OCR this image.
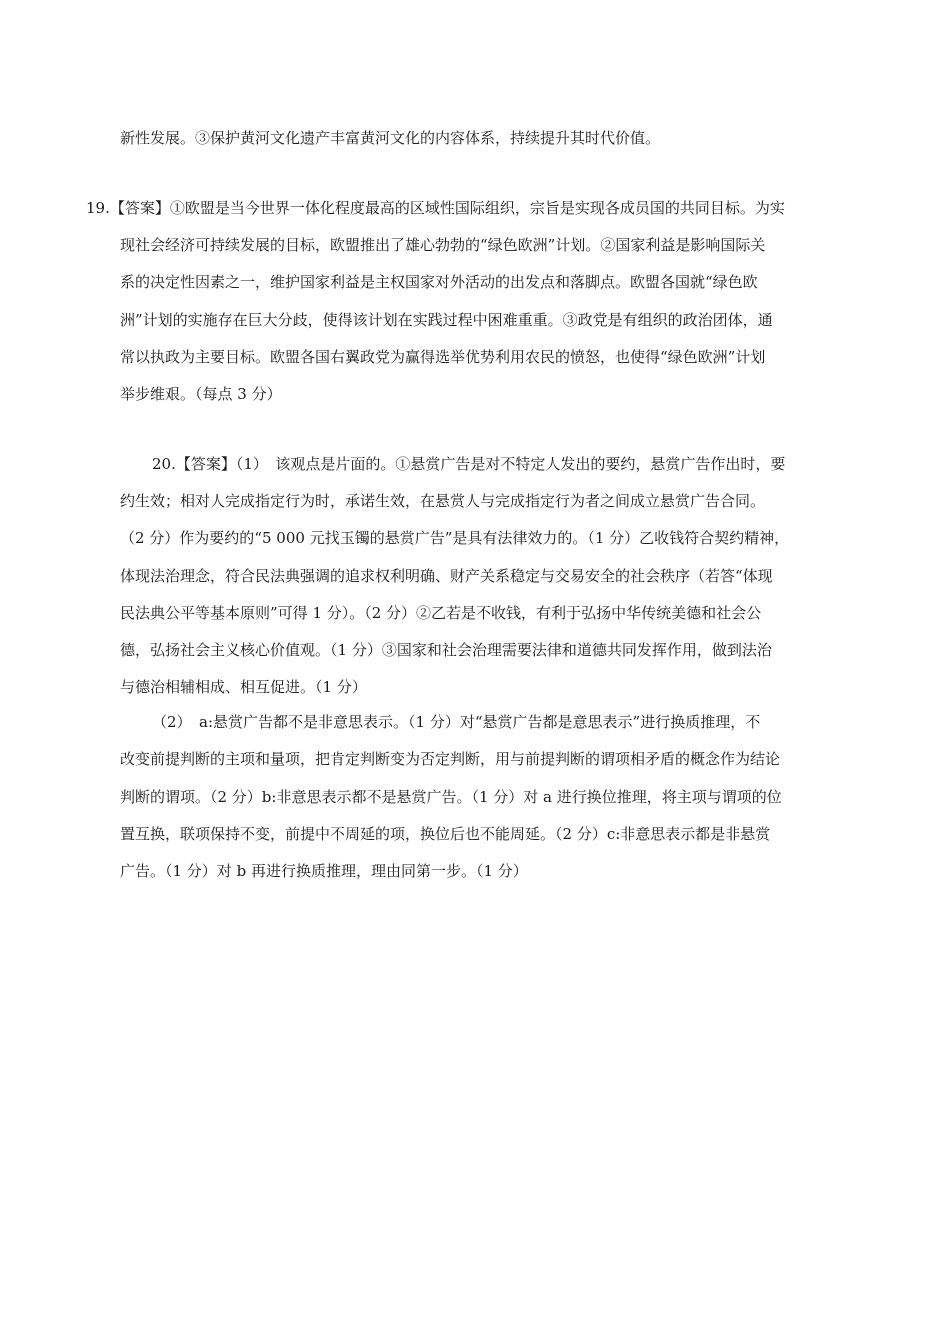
新性发展。③保护黄河文化遗产丰富黄河文化的内容体系，持续提升其时代价值。
19.【答案】①欧盟是当今世界一体化程度最高的区域性国际组织，宗旨是实现各成员国的共同目标。为实
现社会经济可持续发展的目标，欧盟推出了雄心勃勃的“绿色欧洲”计划。②国家利益是影响国际关
系的决定性因素之一，维护国家利益是主权国家对外活动的出发点和落脚点。欧盟各国就“绿色欧
洲”计划的实施存在巨大分歧，使得该计划在实践过程中困难重重。③政党是有组织的政治团体，通
常以执政为主要目标。欧盟各国右翼政党为赢得选举优势利用农民的愤怒，也使得“绿色欧洲”计划
举步维艰。（每点 3 分）
20.【答案】（1）　该观点是片面的。①悬赏广告是对不特定人发出的要约，悬赏广告作出时，要
约生效；相对人完成指定行为时，承诺生效，在悬赏人与完成指定行为者之间成立悬赏广告合同。
（2 分）作为要约的“5 000 元找玉镯的悬赏广告”是具有法律效力的。（1 分）乙收钱符合契约精神，
体现法治理念，符合民法典强调的追求权利明确、财产关系稳定与交易安全的社会秩序（若答“体现
民法典公平等基本原则”可得 1 分）。（2 分）②乙若是不收钱，有利于弘扬中华传统美德和社会公
德，弘扬社会主义核心价值观。（1 分）③国家和社会治理需要法律和道德共同发挥作用，做到法治
与德治相辅相成、相互促进。（1 分）
（2）　a:悬赏广告都不是非意思表示。（1 分）对“悬赏广告都是意思表示”进行换质推理，不
改变前提判断的主项和量项，把肯定判断变为否定判断，用与前提判断的谓项相矛盾的概念作为结论
判断的谓项。（2 分）b:非意思表示都不是悬赏广告。（1 分）对 a 进行换位推理，将主项与谓项的位
置互换，联项保持不变，前提中不周延的项，换位后也不能周延。（2 分）c:非意思表示都是非悬赏
广告。（1 分）对 b 再进行换质推理，理由同第一步。（1 分）
